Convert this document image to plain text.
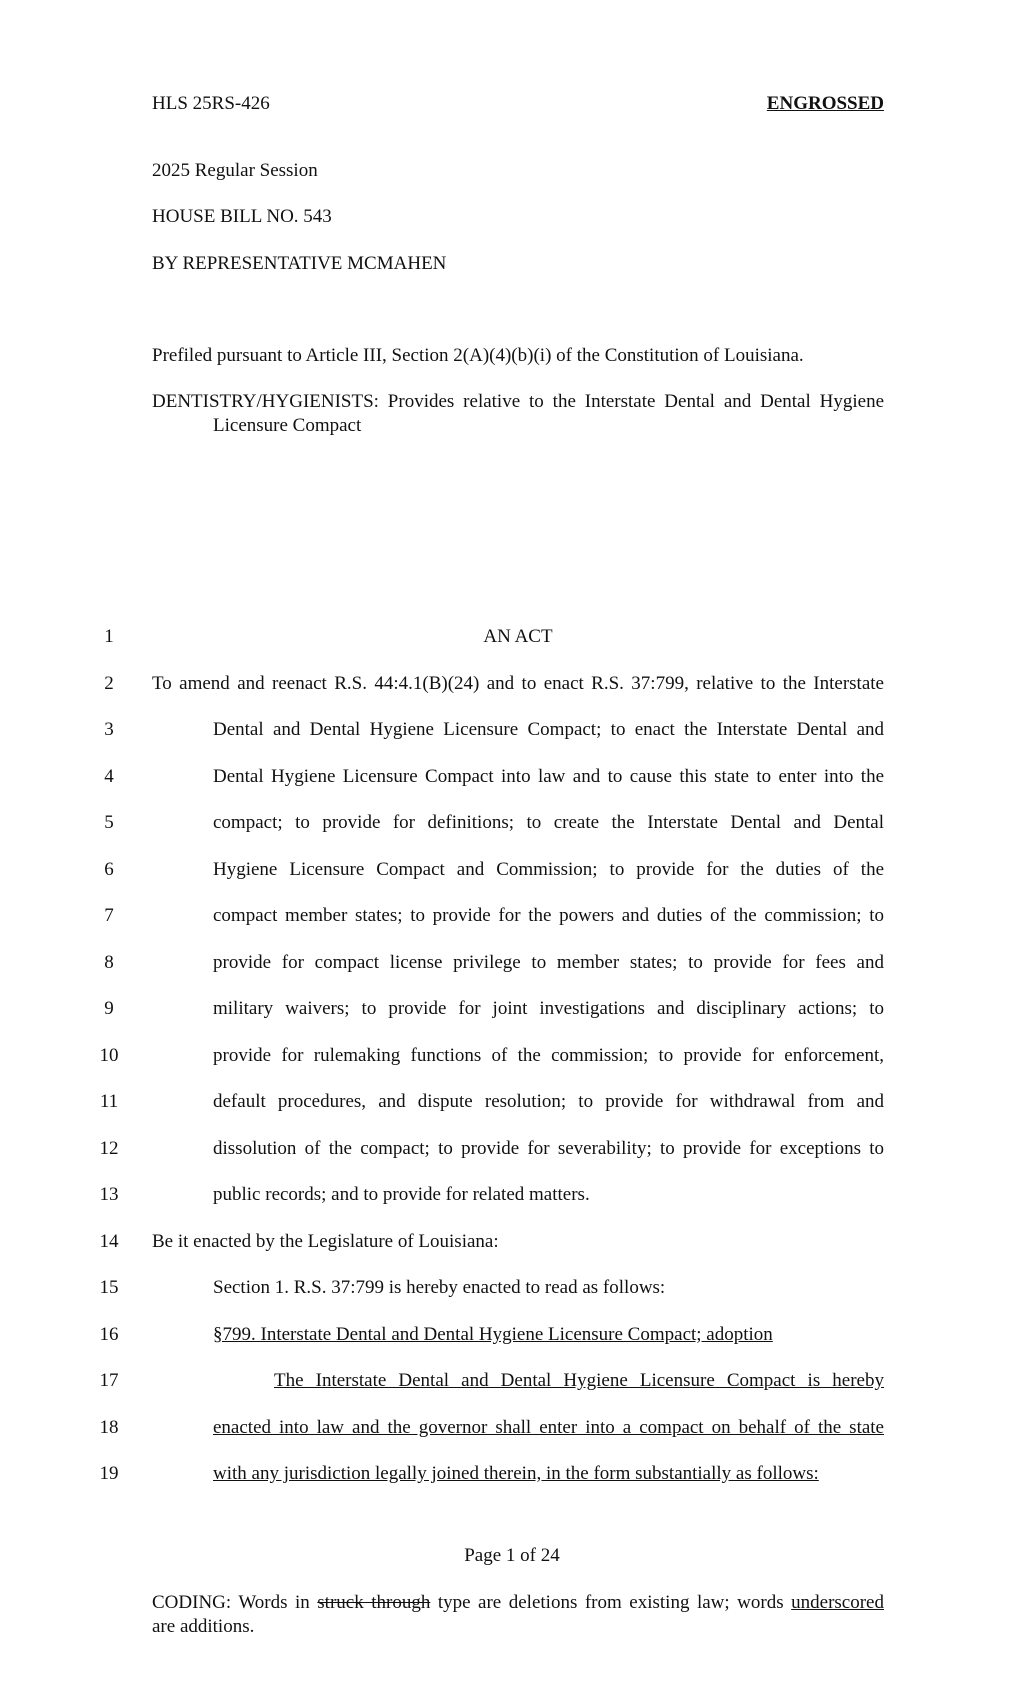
HLS 25RS-426	ENGROSSED
2025 Regular Session
HOUSE BILL NO. 543
BY REPRESENTATIVE MCMAHEN
Prefiled pursuant to Article III, Section 2(A)(4)(b)(i) of the Constitution of Louisiana.
DENTISTRY/HYGIENISTS: Provides relative to the Interstate Dental and Dental Hygiene
Licensure Compact
1	AN ACT
2	To amend and reenact R.S. 44:4.1(B)(24) and to enact R.S. 37:799, relative to the Interstate
3	Dental and Dental Hygiene Licensure Compact; to enact the Interstate Dental and
4	Dental Hygiene Licensure Compact into law and to cause this state to enter into the
5	compact; to provide for definitions; to create the Interstate Dental and Dental
6	Hygiene Licensure Compact and Commission; to provide for the duties of the
7	compact member states; to provide for the powers and duties of the commission; to
8	provide for compact license privilege to member states; to provide for fees and
9	military waivers; to provide for joint investigations and disciplinary actions; to
10	provide for rulemaking functions of the commission; to provide for enforcement,
11	default procedures, and dispute resolution; to provide for withdrawal from and
12	dissolution of the compact; to provide for severability; to provide for exceptions to
13	public records; and to provide for related matters.
14 Be it enacted by the Legislature of Louisiana:
15	Section 1. R.S. 37:799 is hereby enacted to read as follows:
16	§799. Interstate Dental and Dental Hygiene Licensure Compact; adoption
17	The Interstate Dental and Dental Hygiene Licensure Compact is hereby
18	enacted into law and the governor shall enter into a compact on behalf of the state
19	with any jurisdiction legally joined therein, in the form substantially as follows:
Page 1 of 24
CODING: Words in struck through type are deletions from existing law; words underscored
are additions.
